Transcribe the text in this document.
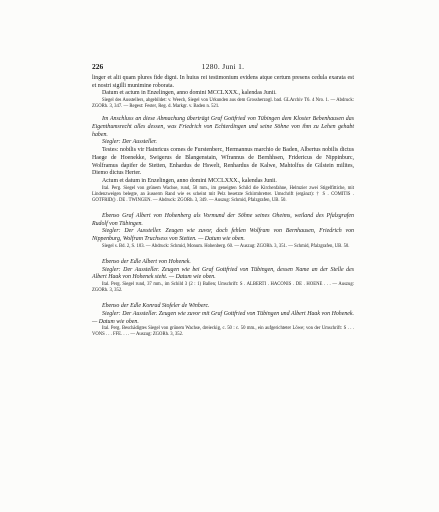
226	1280. Juni 1.

linger et alii quam plures fide digni. In huius rei testimonium evidens atque certum presens cedula exarata est et nostri sigilli munimine roborata.

Datum et actum in Enzelingen, anno domini MCCLXXX., kalendas Junii.

Siegel des Ausstellers, abgebildet: v. Weech, Siegel von Urkunden aus dem Grossherzogl. bad. GLArchiv T6. 4 Nro. 1. — Abdruck: ZGORh. 3, 347. — Regest: Fester, Reg. d. Markgr. v. Baden n. 521.

Im Anschluss an diese Abmachung überträgt Graf Gottfried von Tübingen dem Kloster Bebenhausen das Eigenthumsrecht alles dessen, was Friedrich von Echterdingen und seine Söhne von ihm zu Lehen gehabt haben.

Siegler: Der Aussteller.

Testes: nobilis vir Hainricus comes de Furstenberc, Hermannus marchio de Baden, Albertus nobilis dictus Haege de Hoenekke, Swigerus de Blangenstain, Wfrannus de Bernhhsen, Fridericus de Nippinburc, Wolframus dapifer de Stetten, Enhardus de Hswelt, Renhardus de Kalwe, Mahtolfus de Gilstein milites, Diemo dictus Herter.

Actum et datum in Enzelingen, anno domini MCCLXXX., kalendas Junii.

Ital. Perg. Siegel von grünem Wachse, rund, 50 mm., im geneigten Schild die Kirchenfahne, Helmzier zwei Stigelfittiche, mit Lindenzweigen belegte, an äusserm Rand wie es scheint mit Pelz besetzte Schirmbretter. Umschrift (ergänzt): † S . COMITIS . GOTFRID() . DE . TWINGEN. — Abdruck: ZGORh. 3, 349. — Auszug: Schmid, Pfalzgrafen, UB. 50.

Ebenso Graf Albert von Hohenberg als Vormund der Söhne seines Oheims, weiland des Pfalzgrafen Rudolf von Tübingen.

Siegler: Der Aussteller. Zeugen wie zuvor, doch fehlen Wolfram von Bernhausen, Friedrich von Nippenburg, Wolfram Truchsess von Stetten. — Datum wie oben.

Siegel s. Bd. 2, S. 103. — Abdruck: Schmid, Monum. Hohenberg. 60. — Auszug: ZGORh. 3, 351. — Schmid, Pfalzgrafen, UB. 50.

Ebenso der Edle Albert von Hohenek.

Siegler: Der Aussteller. Zeugen wie bei Graf Gottfried von Tübingen, dessen Name an der Stelle des Albert Haak von Hohenek steht. — Datum wie oben.

Ital. Perg. Siegel rund, 37 mm., im Schild 3 (2 : 1) Ballen; Umschrift: S . ALBERTI . HACONIS . DE . HOENE . . . — Auszug: ZGORh. 3, 352.

Ebenso der Edle Konrad Stofeler de Winberc.

Siegler: Der Aussteller. Zeugen wie zuvor mit Graf Gottfried von Tübingen und Albert Haak von Hohenek. — Datum wie oben.

Ital. Perg. Beschädigtes Siegel von grünem Wachse, dreieckig, c. 50 : c. 50 mm., ein aufgerichteter Löwe; von der Umschrift: S . . . VONS . . . FFE. . . . — Auszug: ZGORh. 3, 352.
